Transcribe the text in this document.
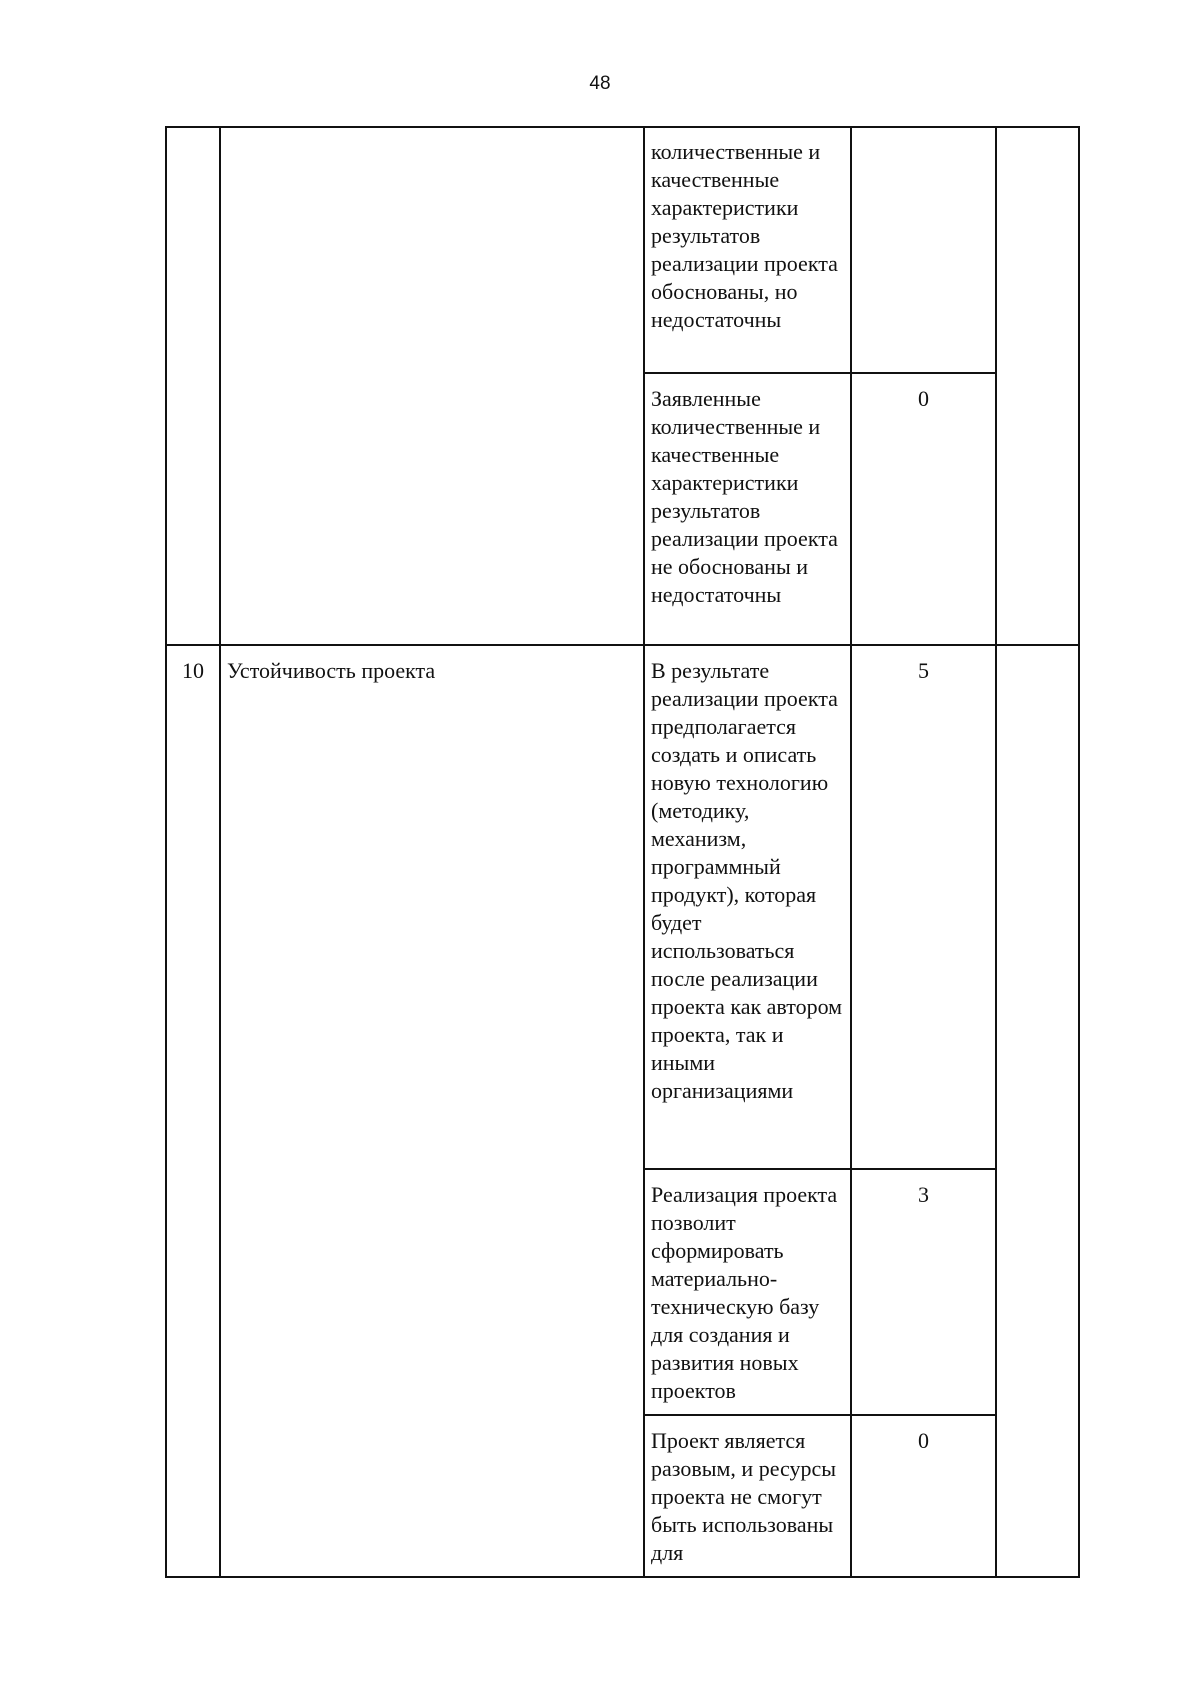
48
		количественные и качественные характеристики результатов реализации проекта обоснованы, но недостаточны		
		Заявленные количественные и качественные характеристики результатов реализации проекта не обоснованы и недостаточны	0	
10	Устойчивость проекта	В результате реализации проекта предполагается создать и описать новую технологию (методику, механизм, программный продукт), которая будет использоваться после реализации проекта как автором проекта, так и иными организациями	5	
		Реализация проекта позволит сформировать материально-техническую базу для создания и развития новых проектов	3	
		Проект является разовым, и ресурсы проекта не смогут быть использованы для	0	
